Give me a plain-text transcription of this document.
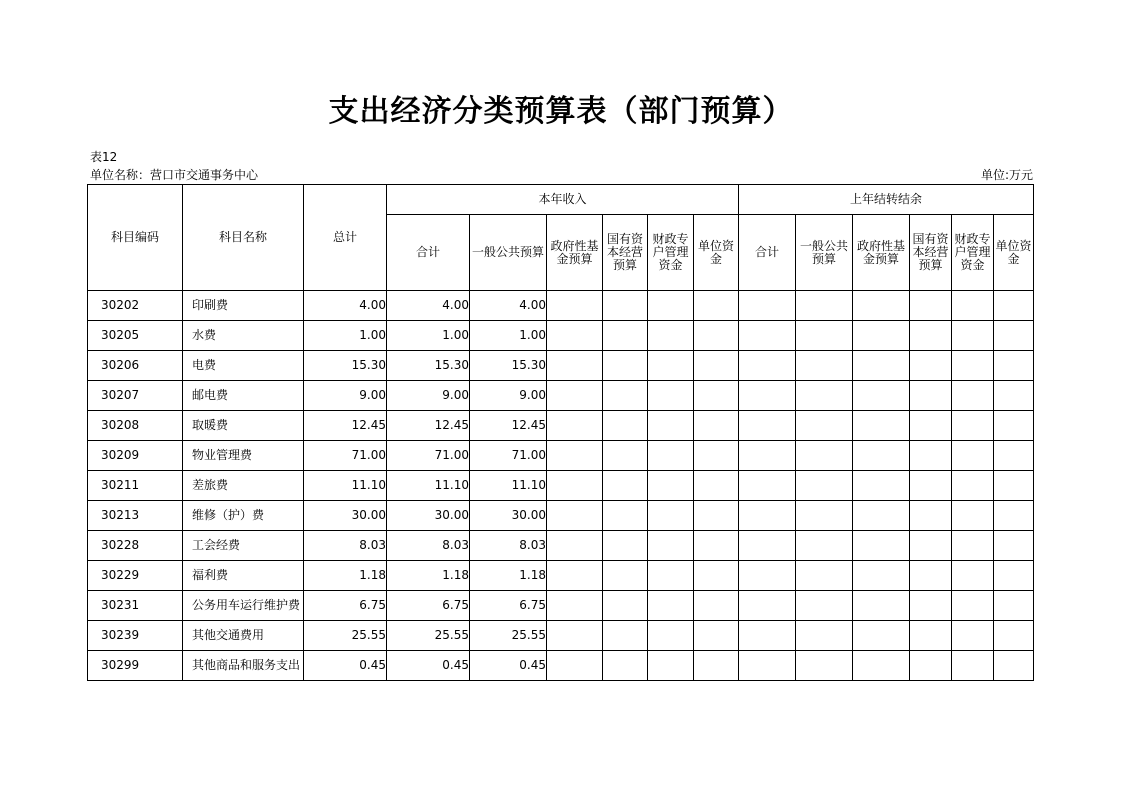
支出经济分类预算表（部门预算）
表12
单位名称：营口市交通事务中心	单位:万元
科目编码	科目名称	总计	本年收入						上年结转结余					
			合计	一般公共预算	政府性基金预算	国有资本经营预算	财政专户管理资金	单位资金	合计	一般公共预算	政府性基金预算	国有资本经营预算	财政专户管理资金	单位资金
30202	印刷费	4.00	4.00	4.00										
30205	水费	1.00	1.00	1.00										
30206	电费	15.30	15.30	15.30										
30207	邮电费	9.00	9.00	9.00										
30208	取暖费	12.45	12.45	12.45										
30209	物业管理费	71.00	71.00	71.00										
30211	差旅费	11.10	11.10	11.10										
30213	维修（护）费	30.00	30.00	30.00										
30228	工会经费	8.03	8.03	8.03										
30229	福利费	1.18	1.18	1.18										
30231	公务用车运行维护费	6.75	6.75	6.75										
30239	其他交通费用	25.55	25.55	25.55										
30299	其他商品和服务支出	0.45	0.45	0.45										
